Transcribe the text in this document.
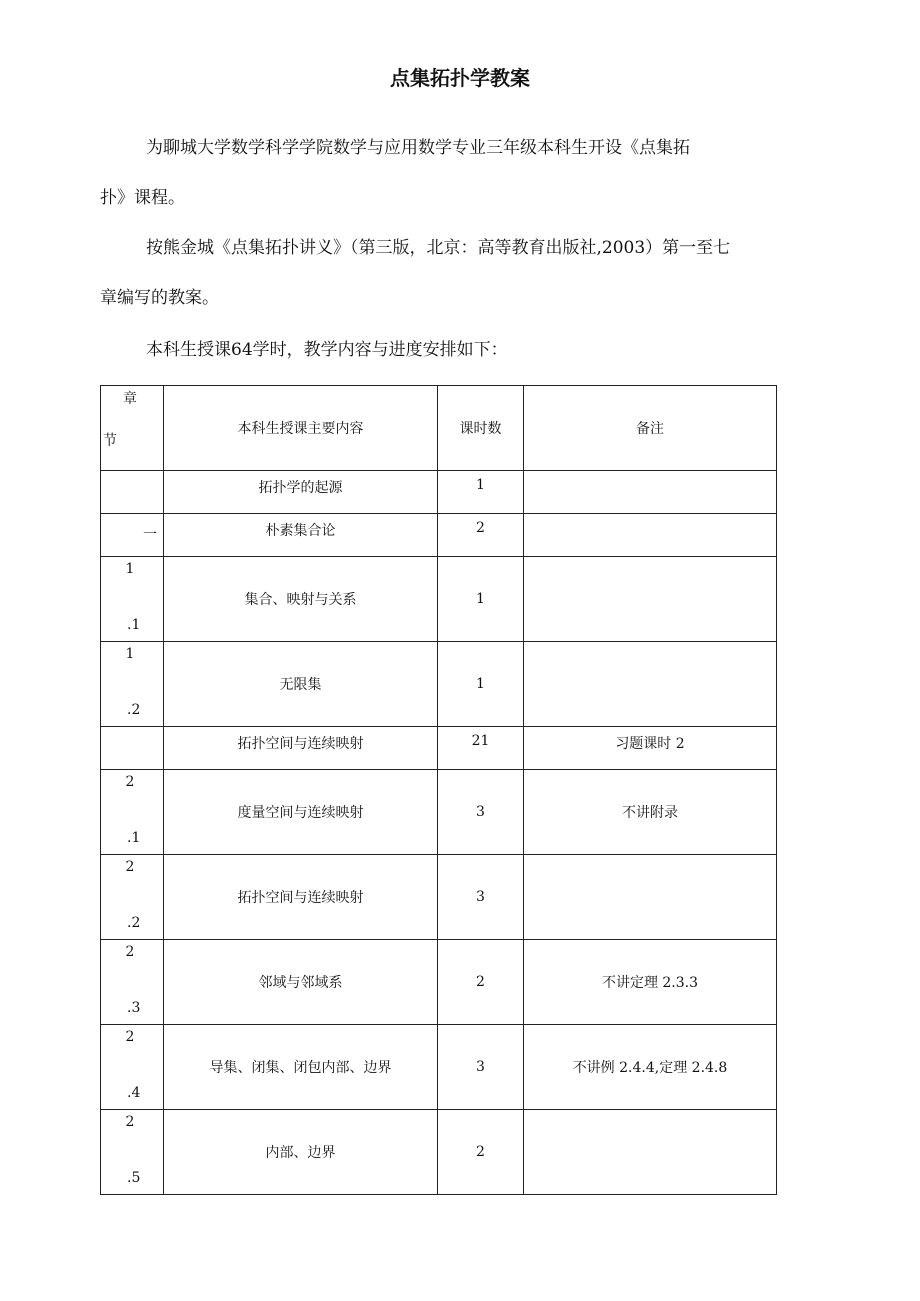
点集拓扑学教案
为聊城大学数学科学学院数学与应用数学专业三年级本科生开设《点集拓
扑》课程。
按熊金城《点集拓扑讲义》（第三版，北京：高等教育出版社,2003）第一至七
章编写的教案。
本科生授课64学时，教学内容与进度安排如下：
章
节	本科生授课主要内容	课时数	备注

	拓扑学的起源	1	

一	朴素集合论	2	

1
.1	集合、映射与关系	1	

1
.2	无限集	1	

	拓扑空间与连续映射	21	习题课时 2

2
.1	度量空间与连续映射	3	不讲附录

2
.2	拓扑空间与连续映射	3	

2
.3	邻域与邻域系	2	不讲定理 2.3.3

2
.4	导集、闭集、闭包内部、边界	3	不讲例 2.4.4,定理 2.4.8

2
.5	内部、边界	2	
